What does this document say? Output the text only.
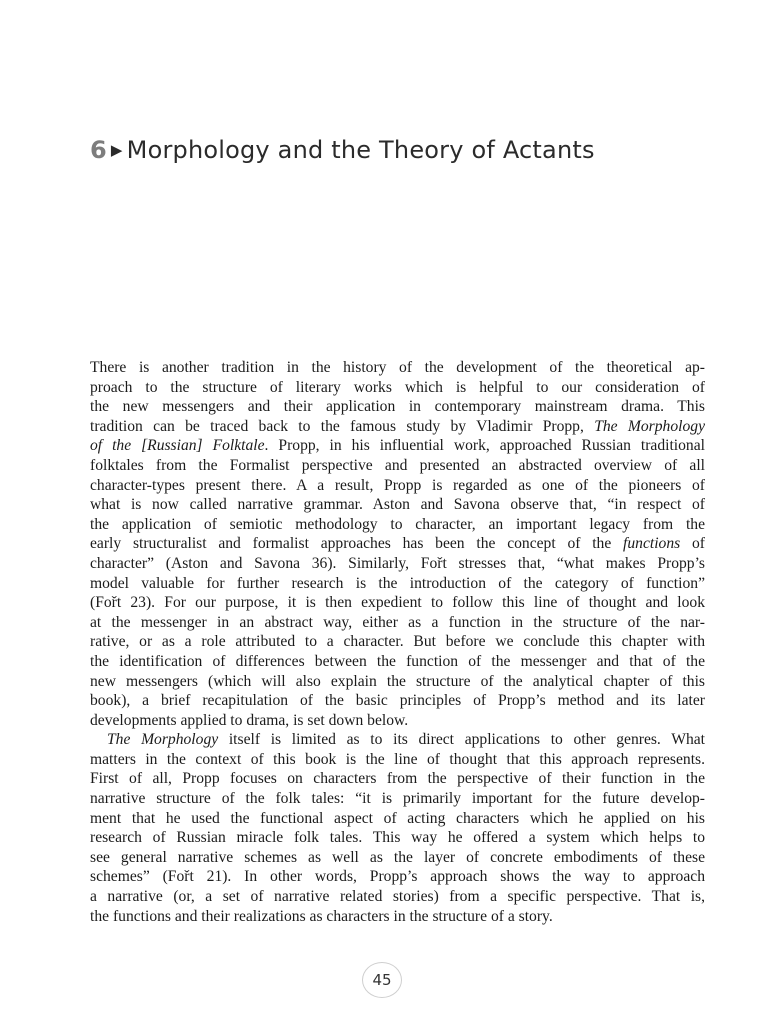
6 ▶ Morphology and the Theory of Actants

There is another tradition in the history of the development of the theoretical ap-
proach to the structure of literary works which is helpful to our consideration of
the new messengers and their application in contemporary mainstream drama. This
tradition can be traced back to the famous study by Vladimir Propp, The Morphology
of the [Russian] Folktale. Propp, in his influential work, approached Russian traditional
folktales from the Formalist perspective and presented an abstracted overview of all
character-types present there. A a result, Propp is regarded as one of the pioneers of
what is now called narrative grammar. Aston and Savona observe that, “in respect of
the application of semiotic methodology to character, an important legacy from the
early structuralist and formalist approaches has been the concept of the functions of
character” (Aston and Savona 36). Similarly, Fořt stresses that, “what makes Propp’s
model valuable for further research is the introduction of the category of function”
(Fořt 23). For our purpose, it is then expedient to follow this line of thought and look
at the messenger in an abstract way, either as a function in the structure of the nar-
rative, or as a role attributed to a character. But before we conclude this chapter with
the identification of differences between the function of the messenger and that of the
new messengers (which will also explain the structure of the analytical chapter of this
book), a brief recapitulation of the basic principles of Propp’s method and its later
developments applied to drama, is set down below.

The Morphology itself is limited as to its direct applications to other genres. What
matters in the context of this book is the line of thought that this approach represents.
First of all, Propp focuses on characters from the perspective of their function in the
narrative structure of the folk tales: “it is primarily important for the future develop-
ment that he used the functional aspect of acting characters which he applied on his
research of Russian miracle folk tales. This way he offered a system which helps to
see general narrative schemes as well as the layer of concrete embodiments of these
schemes” (Fořt 21). In other words, Propp’s approach shows the way to approach
a narrative (or, a set of narrative related stories) from a specific perspective. That is,
the functions and their realizations as characters in the structure of a story.

45
